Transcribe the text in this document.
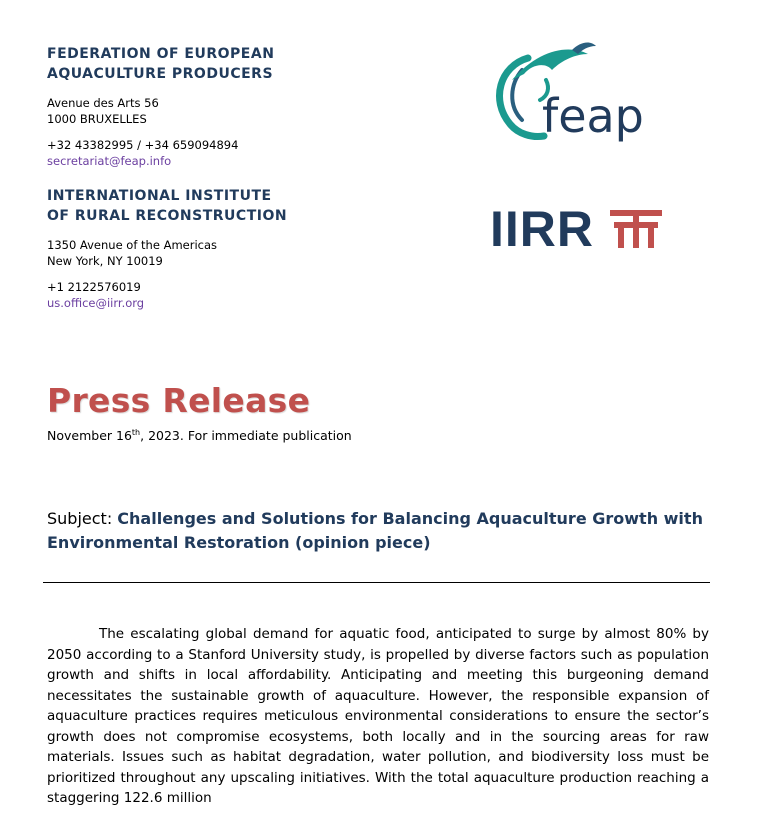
FEDERATION OF EUROPEAN
AQUACULTURE PRODUCERS
Avenue des Arts 56
1000 BRUXELLES
+32 43382995 / +34 659094894
secretariat@feap.info
INTERNATIONAL INSTITUTE
OF RURAL RECONSTRUCTION
1350 Avenue of the Americas
New York, NY 10019
+1 2122576019
us.office@iirr.org
feap
IIRR
Press Release
November 16th, 2023. For immediate publication
Subject: Challenges and Solutions for Balancing Aquaculture Growth with Environmental Restoration (opinion piece)
The escalating global demand for aquatic food, anticipated to surge by almost 80% by 2050 according to a Stanford University study, is propelled by diverse factors such as population growth and shifts in local affordability. Anticipating and meeting this burgeoning demand necessitates the sustainable growth of aquaculture. However, the responsible expansion of aquaculture practices requires meticulous environmental considerations to ensure the sector’s growth does not compromise ecosystems, both locally and in the sourcing areas for raw materials. Issues such as habitat degradation, water pollution, and biodiversity loss must be prioritized throughout any upscaling initiatives. With the total aquaculture production reaching a staggering 122.6 million
